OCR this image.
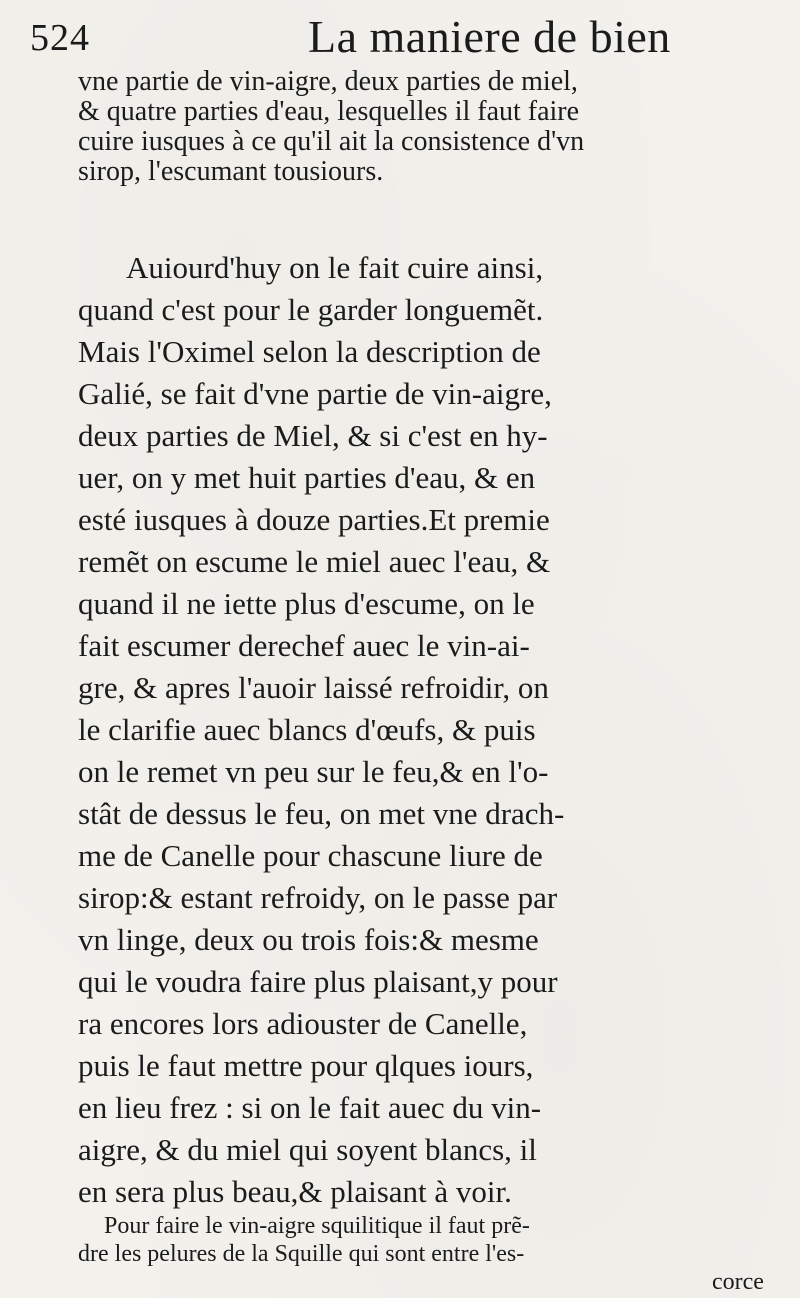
524	La maniere de bien
vne partie de vin-aigre, deux parties de miel,
& quatre parties d'eau, lesquelles il faut faire
cuire iusques à ce qu'il ait la consistence d'vn
sirop, l'escumant tousiours.
Auiourd'huy on le fait cuire ainsi,
quand c'est pour le garder longuemẽt.
Mais l'Oximel selon la description de
Galié, se fait d'vne partie de vin-aigre,
deux parties de Miel, & si c'est en hy-
uer, on y met huit parties d'eau, & en
esté iusques à douze parties.Et premie
remẽt on escume le miel auec l'eau, &
quand il ne iette plus d'escume, on le
fait escumer derechef auec le vin-ai-
gre, & apres l'auoir laissé refroidir, on
le clarifie auec blancs d'œufs, & puis
on le remet vn peu sur le feu,& en l'o-
stât de dessus le feu, on met vne drach-
me de Canelle pour chascune liure de
sirop:& estant refroidy, on le passe par
vn linge, deux ou trois fois:& mesme
qui le voudra faire plus plaisant,y pour
ra encores lors adiouster de Canelle,
puis le faut mettre pour qlques iours,
en lieu frez : si on le fait auec du vin-
aigre, & du miel qui soyent blancs, il
en sera plus beau,& plaisant à voir.
Pour faire le vin-aigre squilitique il faut prẽ-
dre les pelures de la Squille qui sont entre l'es-
corce
